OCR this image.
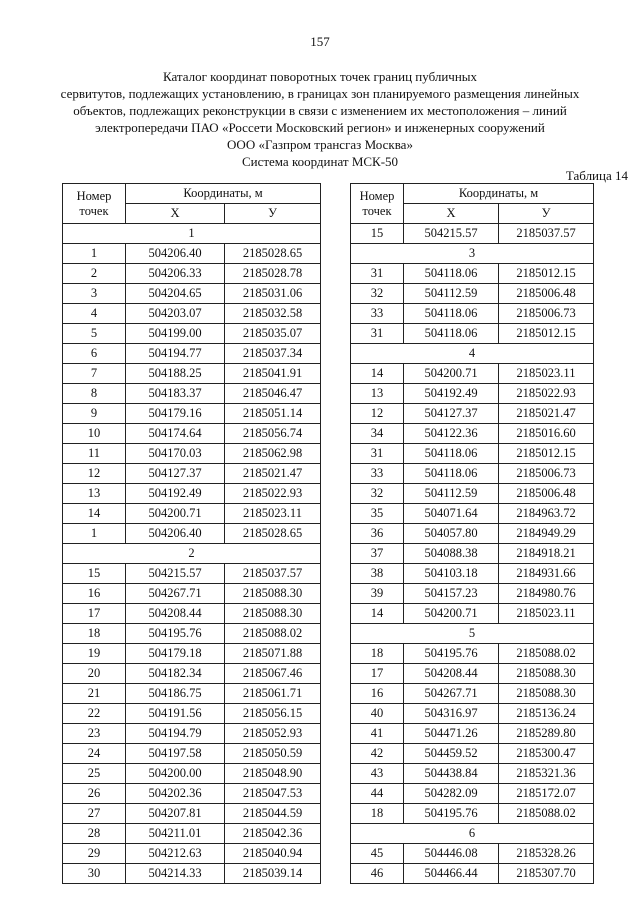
157
Каталог координат поворотных точек границ публичных
сервитутов, подлежащих установлению, в границах зон планируемого размещения линейных
объектов, подлежащих реконструкции в связи с изменением их местоположения – линий
электропередачи ПАО «Россети Московский регион» и инженерных сооружений
ООО «Газпром трансгаз Москва»
Система координат МСК-50
Таблица 14
Номер
точек	Координаты, м	
	X	У
1		
1	504206.40	2185028.65
2	504206.33	2185028.78
3	504204.65	2185031.06
4	504203.07	2185032.58
5	504199.00	2185035.07
6	504194.77	2185037.34
7	504188.25	2185041.91
8	504183.37	2185046.47
9	504179.16	2185051.14
10	504174.64	2185056.74
11	504170.03	2185062.98
12	504127.37	2185021.47
13	504192.49	2185022.93
14	504200.71	2185023.11
1	504206.40	2185028.65
2		
15	504215.57	2185037.57
16	504267.71	2185088.30
17	504208.44	2185088.30
18	504195.76	2185088.02
19	504179.18	2185071.88
20	504182.34	2185067.46
21	504186.75	2185061.71
22	504191.56	2185056.15
23	504194.79	2185052.93
24	504197.58	2185050.59
25	504200.00	2185048.90
26	504202.36	2185047.53
27	504207.81	2185044.59
28	504211.01	2185042.36
29	504212.63	2185040.94
30	504214.33	2185039.14
Номер
точек	Координаты, м	
	X	У
15	504215.57	2185037.57
3		
31	504118.06	2185012.15
32	504112.59	2185006.48
33	504118.06	2185006.73
31	504118.06	2185012.15
4		
14	504200.71	2185023.11
13	504192.49	2185022.93
12	504127.37	2185021.47
34	504122.36	2185016.60
31	504118.06	2185012.15
33	504118.06	2185006.73
32	504112.59	2185006.48
35	504071.64	2184963.72
36	504057.80	2184949.29
37	504088.38	2184918.21
38	504103.18	2184931.66
39	504157.23	2184980.76
14	504200.71	2185023.11
5		
18	504195.76	2185088.02
17	504208.44	2185088.30
16	504267.71	2185088.30
40	504316.97	2185136.24
41	504471.26	2185289.80
42	504459.52	2185300.47
43	504438.84	2185321.36
44	504282.09	2185172.07
18	504195.76	2185088.02
6		
45	504446.08	2185328.26
46	504466.44	2185307.70
